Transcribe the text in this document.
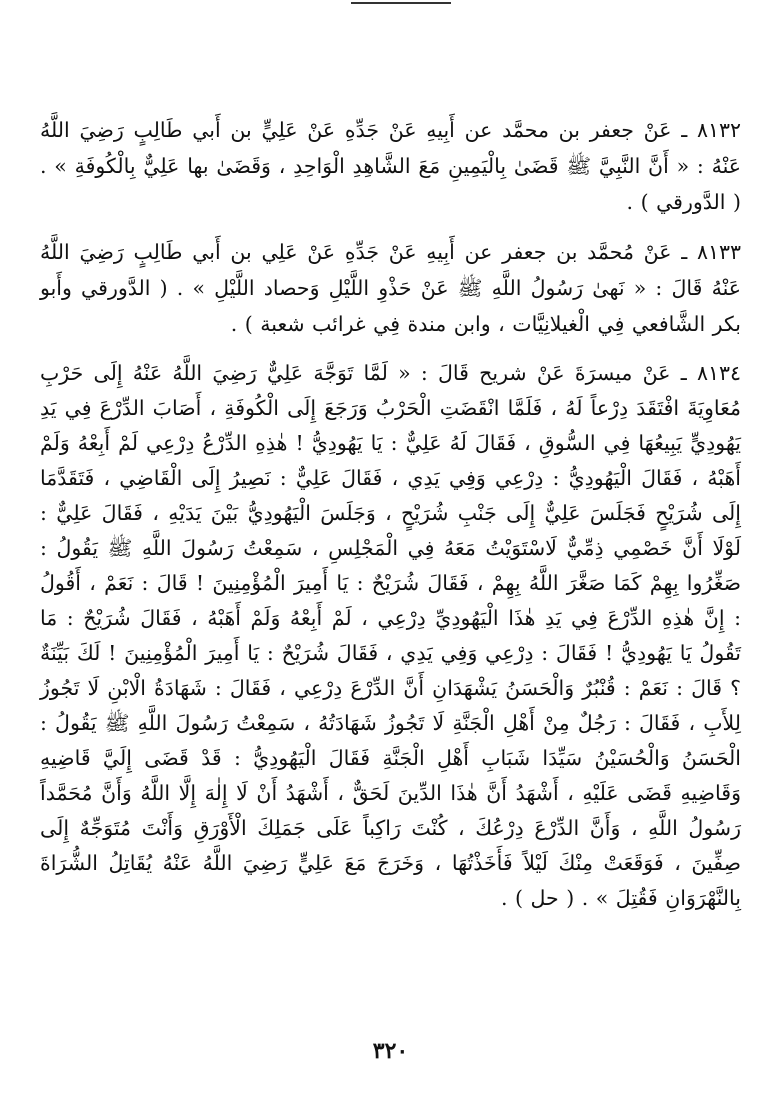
٨١٣٢ ـ عَنْ جعفر بن محمَّد عن أَبِيهِ عَنْ جَدِّهِ عَنْ عَلِيٍّ بن أَبي طَالِبٍ رَضِيَ اللَّهُ عَنْهُ : « أَنَّ النَّبِيَّ ﷺ قَضَىٰ بِالْيَمِينِ مَعَ الشَّاهِدِ الْوَاحِدِ ، وَقَضَىٰ بها عَلِيٌّ بِالْكُوفَةِ » . ( الدَّورقي ) .

٨١٣٣ ـ عَنْ مُحمَّد بن جعفر عن أَبِيهِ عَنْ جَدِّهِ عَنْ عَلِي بن أَبي طَالِبٍ رَضِيَ اللَّهُ عَنْهُ قَالَ : « نَهىٰ رَسُولُ اللَّهِ ﷺ عَنْ حَذْوِ اللَّيْلِ وَحصاد اللَّيْلِ » . ( الدَّورقي وأَبو بكر الشَّافعي فِي الْغيلانِيَّات ، وابن مندة فِي غرائب شعبة ) .

٨١٣٤ ـ عَنْ ميسرَةَ عَنْ شريح قَالَ : « لَمَّا تَوَجَّهَ عَلِيٌّ رَضِيَ اللَّهُ عَنْهُ إِلَى حَرْبِ مُعَاوِيَةَ افْتَقَدَ دِرْعاً لَهُ ، فَلَمَّا انْقَضَتِ الْحَرْبُ وَرَجَعَ إِلَى الْكُوفَةِ ، أَصَابَ الدِّرْعَ فِي يَدِ يَهُودِيٍّ يَبِيعُهَا فِي السُّوقِ ، فَقَالَ لَهُ عَلِيٌّ : يَا يَهُودِيُّ ! هٰذِهِ الدِّرْعُ دِرْعِي لَمْ أَبِعْهُ وَلَمْ أَهَبْهُ ، فَقَالَ الْيَهُودِيُّ : دِرْعِي وَفِي يَدِي ، فَقَالَ عَلِيٌّ : نَصِيرُ إِلَى الْقَاضِي ، فَتَقَدَّمَا إِلَى شُرَيْحٍ فَجَلَسَ عَلِيٌّ إِلَى جَنْبِ شُرَيْحٍ ، وَجَلَسَ الْيَهُودِيُّ بَيْنَ يَدَيْهِ ، فَقَالَ عَلِيٌّ : لَوْلَا أَنَّ خَصْمِي ذِمِّيٌّ لَاسْتَوَيْتُ مَعَهُ فِي الْمَجْلِسِ ، سَمِعْتُ رَسُولَ اللَّهِ ﷺ يَقُولُ : صَغِّرُوا بِهِمْ كَمَا صَغَّرَ اللَّهُ بِهِمْ ، فَقَالَ شُرَيْحٌ : يَا أَمِيرَ الْمُؤْمِنِينَ ! قَالَ : نَعَمْ ، أَقُولُ : إِنَّ هٰذِهِ الدِّرْعَ فِي يَدِ هٰذَا الْيَهُودِيِّ دِرْعِي ، لَمْ أَبِعْهُ وَلَمْ أَهَبْهُ ، فَقَالَ شُرَيْحٌ : مَا تَقُولُ يَا يَهُودِيُّ ! فَقَالَ : دِرْعِي وَفِي يَدِي ، فَقَالَ شُرَيْحٌ : يَا أَمِيرَ الْمُؤْمِنِينَ ! لَكَ بَيِّنَةٌ ؟ قَالَ : نَعَمْ : قُنْبُرٌ وَالْحَسَنُ يَشْهَدَانِ أَنَّ الدِّرْعَ دِرْعِي ، فَقَالَ : شَهَادَةُ الْابْنِ لَا تَجُوزُ لِلأَبِ ، فَقَالَ : رَجُلٌ مِنْ أَهْلِ الْجَنَّةِ لَا تَجُوزُ شَهَادَتُهُ ، سَمِعْتُ رَسُولَ اللَّهِ ﷺ يَقُولُ : الْحَسَنُ وَالْحُسَيْنُ سَيِّدَا شَبَابِ أَهْلِ الْجَنَّةِ فَقَالَ الْيَهُودِيُّ : قَدْ قَضَى إِلَيَّ قَاضِيهِ وَقَاضِيهِ قَضَى عَلَيْهِ ، أَشْهَدُ أَنَّ هٰذَا الدِّينَ لَحَقٌّ ، أَشْهَدُ أَنْ لَا إِلٰهَ إِلَّا اللَّهُ وَأَنَّ مُحَمَّداً رَسُولُ اللَّهِ ، وَأَنَّ الدِّرْعَ دِرْعُكَ ، كُنْتَ رَاكِباً عَلَى جَمَلِكَ الْأَوْرَقِ وَأَنْتَ مُتَوَجِّهٌ إِلَى صِفِّينَ ، فَوَقَعَتْ مِنْكَ لَيْلاً فَأَخَذْتُهَا ، وَخَرَجَ مَعَ عَلِيٍّ رَضِيَ اللَّهُ عَنْهُ يُقَاتِلُ الشُّرَاةَ بِالنَّهْرَوَانِ فَقُتِلَ » . ( حل ) .

٣٢٠
